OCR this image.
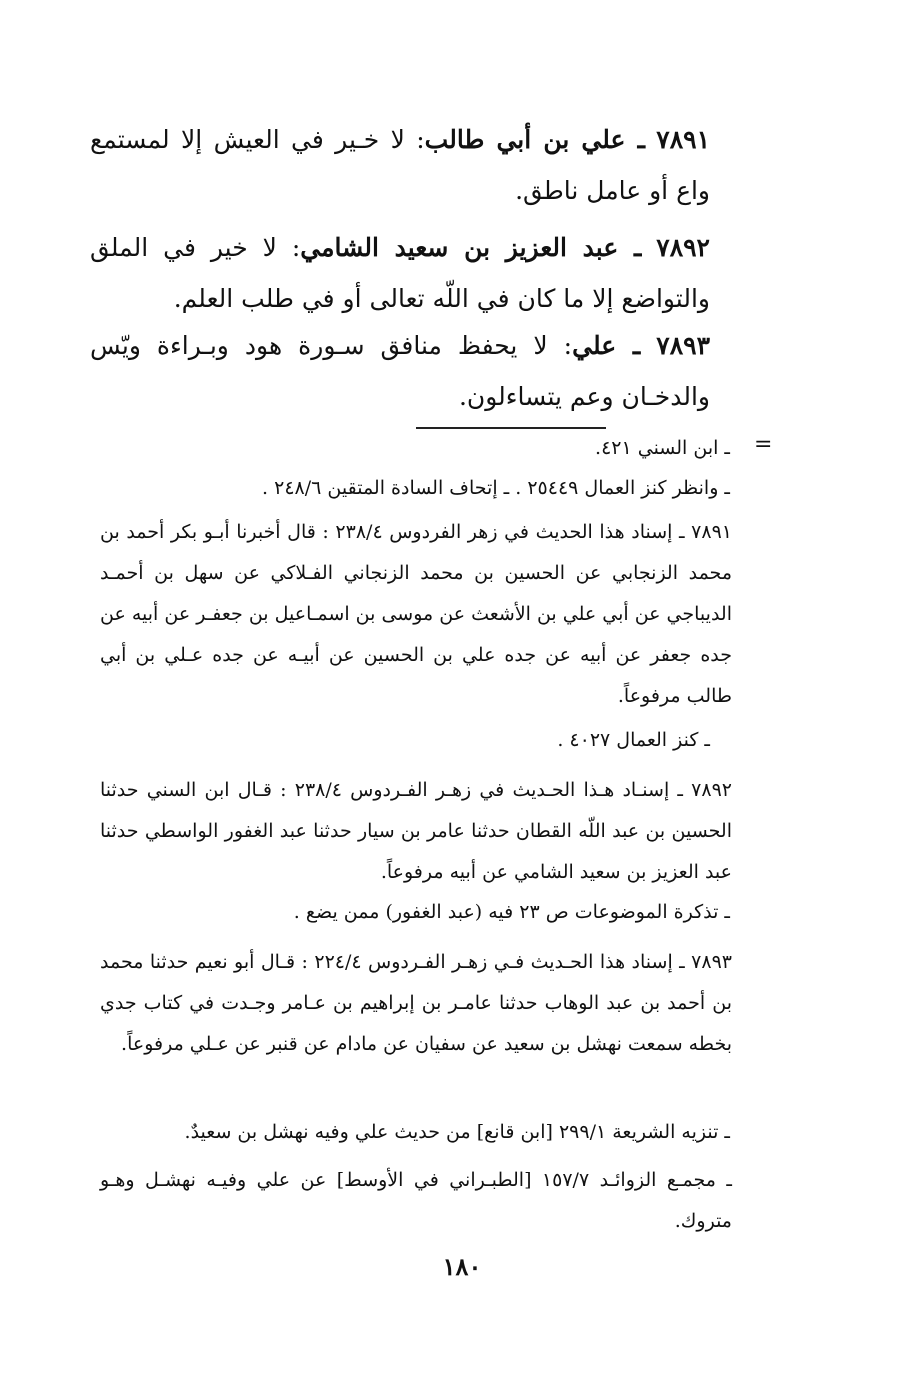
٧٨٩١ ـ علي بن أبي طالب: لا خـير في العيش إلا لمستمع واع أو عامل ناطق.

٧٨٩٢ ـ عبد العزيز بن سعيد الشامي: لا خير في الملق والتواضع إلا ما كان في اللّه تعالى أو في طلب العلم.

٧٨٩٣ ـ علي: لا يحفظ منافق سـورة هود وبـراءة ويّس والدخـان وعم يتساءلون.

=

ـ ابن السني ٤٢١.

ـ وانظر كنز العمال ٢٥٤٤٩ . ـ إتحاف السادة المتقين ٢٤٨/٦ .

٧٨٩١ ـ إسناد هذا الحديث في زهر الفردوس ٢٣٨/٤ : قال أخبرنا أبـو بكر أحمد بن محمد الزنجابي عن الحسين بن محمد الزنجاني الفـلاكي عن سهل بن أحمـد الديباجي عن أبي علي بن الأشعث عن موسى بن اسمـاعيل بن جعفـر عن أبيه عن جده جعفر عن أبيه عن جده علي بن الحسين عن أبيـه عن جده عـلي بن أبي طالب مرفوعاً.

ـ كنز العمال ٤٠٢٧ .

٧٨٩٢ ـ إسنـاد هـذا الحـديث في زهـر الفـردوس ٢٣٨/٤ : قـال ابن السني حدثنا الحسين بن عبد اللّه القطان حدثنا عامر بن سيار حدثنا عبد الغفور الواسطي حدثنا عبد العزيز بن سعيد الشامي عن أبيه مرفوعاً.

ـ تذكرة الموضوعات ص ٢٣ فيه (عبد الغفور) ممن يضع .

٧٨٩٣ ـ إسناد هذا الحـديث فـي زهـر الفـردوس ٢٢٤/٤ : قـال أبو نعيم حدثنا محمد بن أحمد بن عبد الوهاب حدثنا عامـر بن إبراهيم بن عـامر وجـدت في كتاب جدي بخطه سمعت نهشل بن سعيد عن سفيان عن مادام عن قنبر عن عـلي مرفوعاً.

ـ تنزيه الشريعة ٢٩٩/١ [ابن قانع] من حديث علي وفيه نهشل بن سعيدٌ.

ـ مجمـع الزوائـد ١٥٧/٧ [الطبـراني في الأوسط] عن علي وفيـه نهشـل وهـو متروك.

١٨٠
